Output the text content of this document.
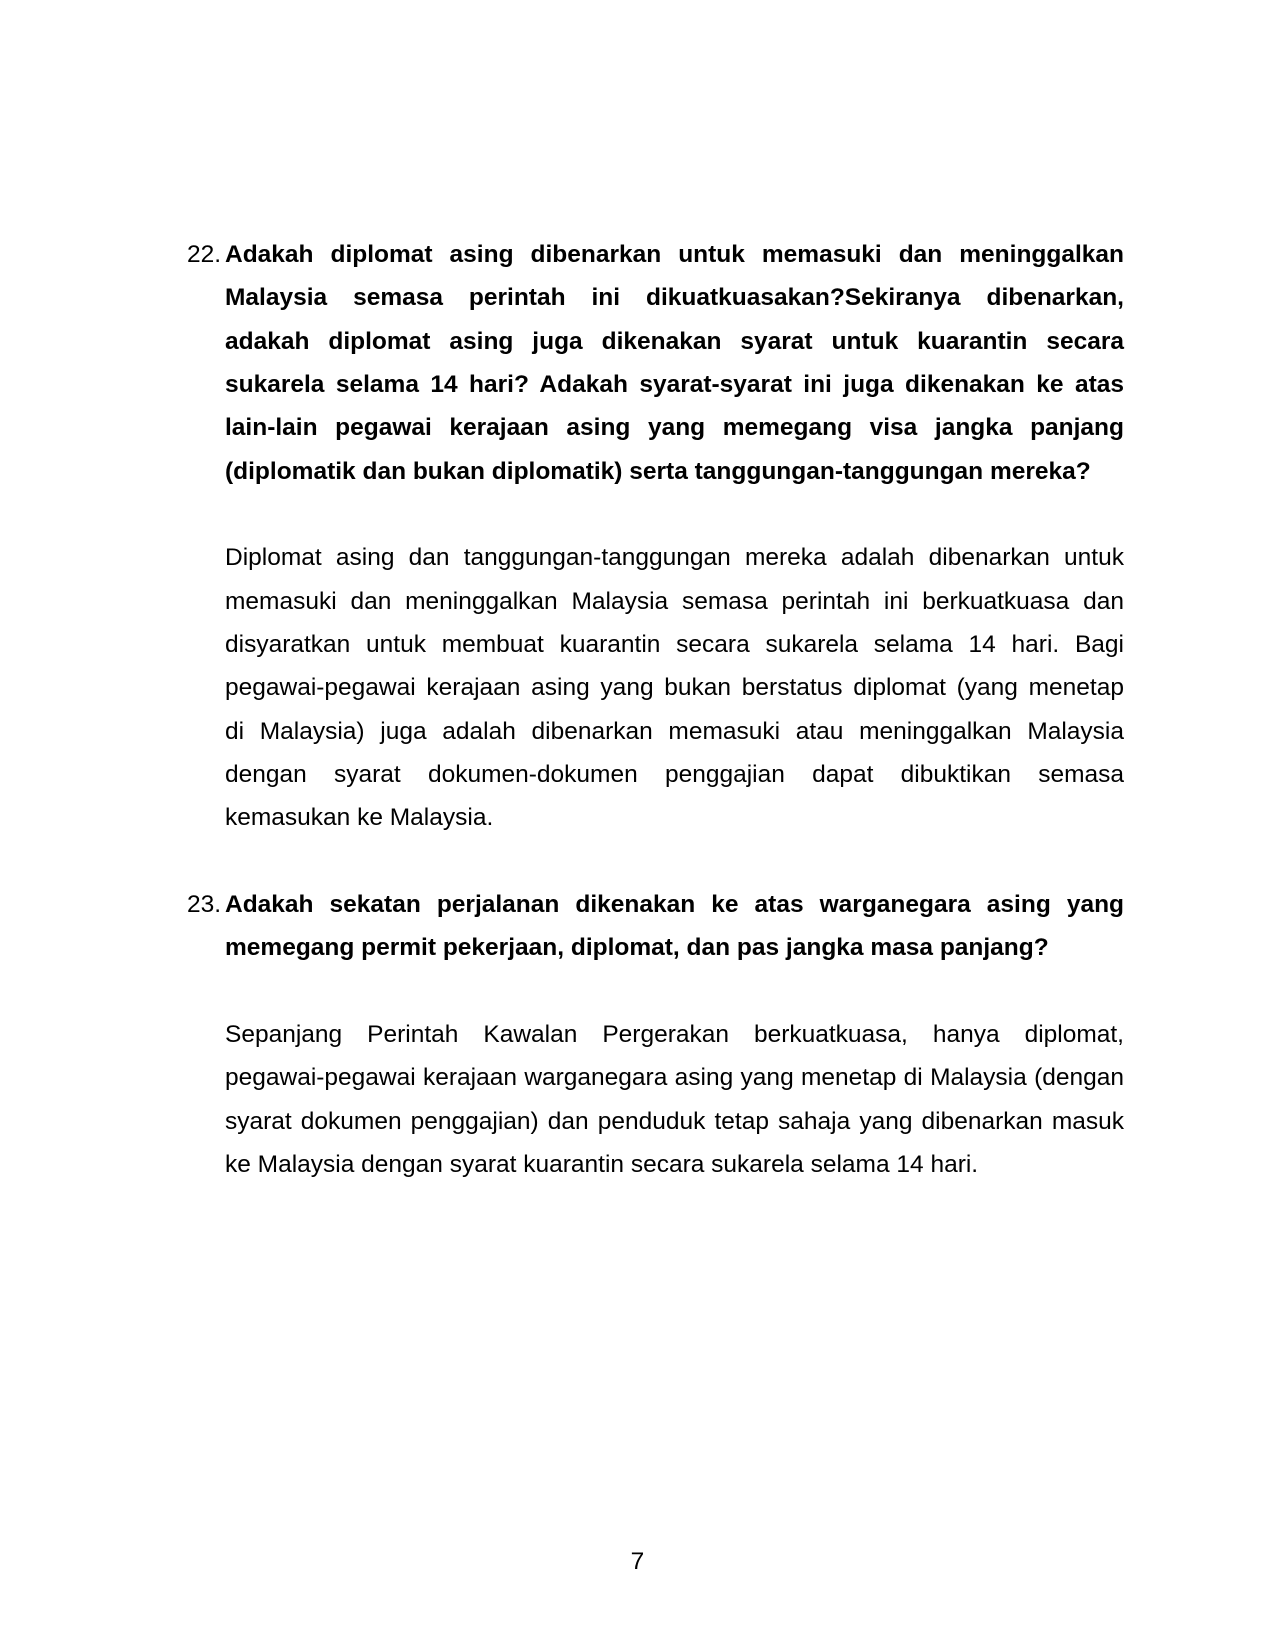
22. Adakah diplomat asing dibenarkan untuk memasuki dan meninggalkan
Malaysia semasa perintah ini dikuatkuasakan?Sekiranya dibenarkan,
adakah diplomat asing juga dikenakan syarat untuk kuarantin secara
sukarela selama 14 hari? Adakah syarat-syarat ini juga dikenakan ke atas
lain-lain pegawai kerajaan asing yang memegang visa jangka panjang
(diplomatik dan bukan diplomatik) serta tanggungan-tanggungan mereka?
Diplomat asing dan tanggungan-tanggungan mereka adalah dibenarkan untuk
memasuki dan meninggalkan Malaysia semasa perintah ini berkuatkuasa dan
disyaratkan untuk membuat kuarantin secara sukarela selama 14 hari. Bagi
pegawai-pegawai kerajaan asing yang bukan berstatus diplomat (yang menetap
di Malaysia) juga adalah dibenarkan memasuki atau meninggalkan Malaysia
dengan syarat dokumen-dokumen penggajian dapat dibuktikan semasa
kemasukan ke Malaysia.
23. Adakah sekatan perjalanan dikenakan ke atas warganegara asing yang
memegang permit pekerjaan, diplomat, dan pas jangka masa panjang?
Sepanjang Perintah Kawalan Pergerakan berkuatkuasa, hanya diplomat,
pegawai-pegawai kerajaan warganegara asing yang menetap di Malaysia (dengan
syarat dokumen penggajian) dan penduduk tetap sahaja yang dibenarkan masuk
ke Malaysia dengan syarat kuarantin secara sukarela selama 14 hari.
7
